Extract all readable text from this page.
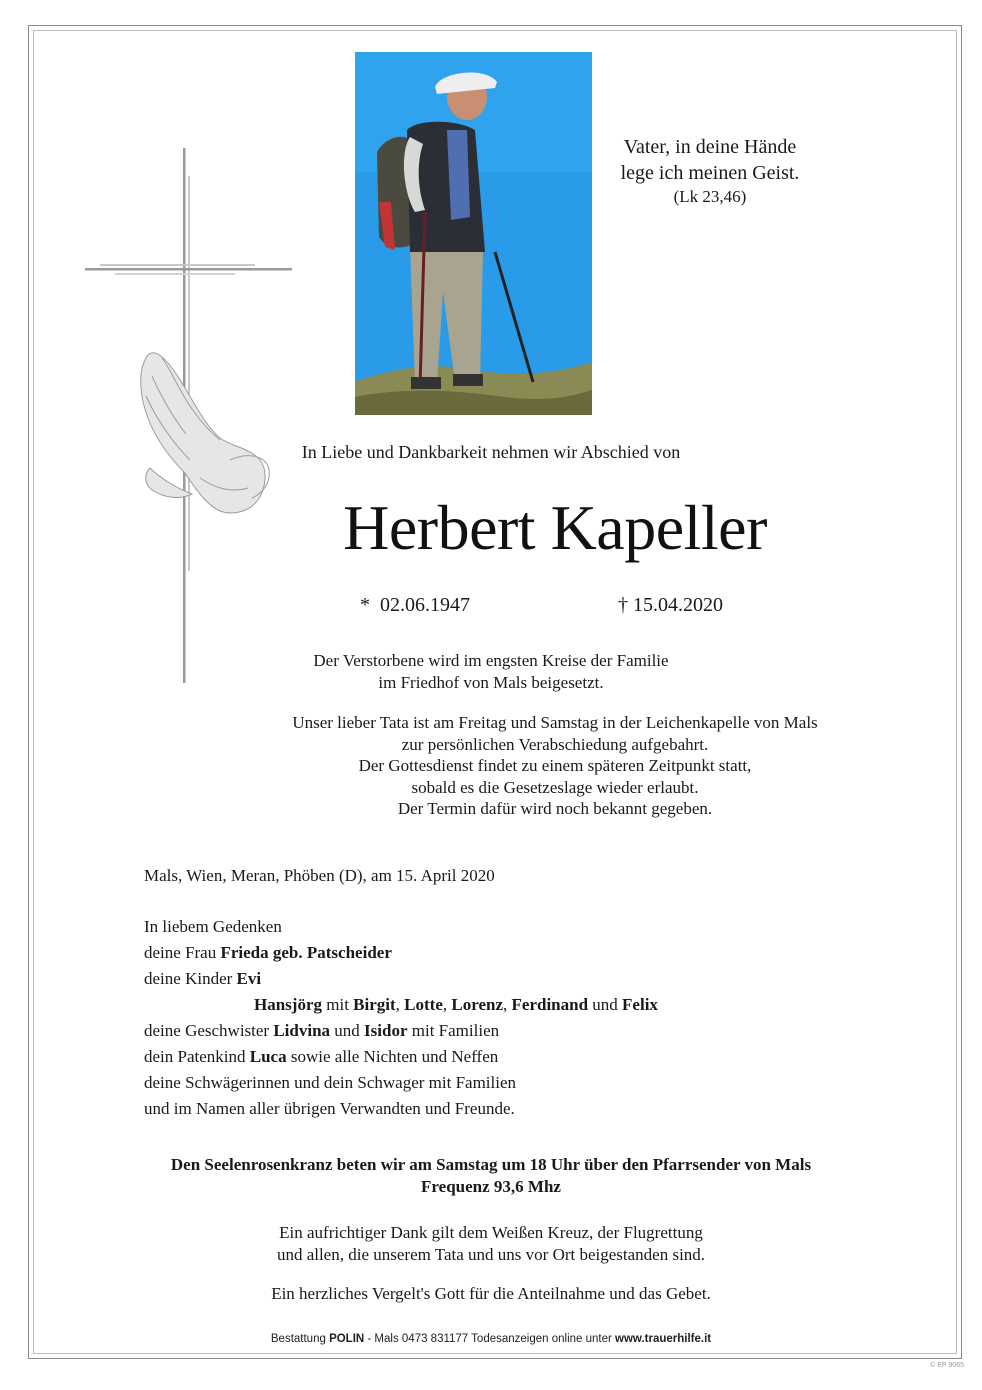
Vater, in deine Hände
lege ich meinen Geist.
(Lk 23,46)
In Liebe und Dankbarkeit nehmen wir Abschied von
Herbert Kapeller
* 02.06.1947	† 15.04.2020
Der Verstorbene wird im engsten Kreise der Familie
im Friedhof von Mals beigesetzt.
Unser lieber Tata ist am Freitag und Samstag in der Leichenkapelle von Mals
zur persönlichen Verabschiedung aufgebahrt.
Der Gottesdienst findet zu einem späteren Zeitpunkt statt,
sobald es die Gesetzeslage wieder erlaubt.
Der Termin dafür wird noch bekannt gegeben.
Mals, Wien, Meran, Phöben (D), am 15. April 2020
In liebem Gedenken
deine Frau Frieda geb. Patscheider
deine Kinder Evi
Hansjörg mit Birgit, Lotte, Lorenz, Ferdinand und Felix
deine Geschwister Lidvina und Isidor mit Familien
dein Patenkind Luca sowie alle Nichten und Neffen
deine Schwägerinnen und dein Schwager mit Familien
und im Namen aller übrigen Verwandten und Freunde.
Den Seelenrosenkranz beten wir am Samstag um 18 Uhr über den Pfarrsender von Mals
Frequenz 93,6 Mhz
Ein aufrichtiger Dank gilt dem Weißen Kreuz, der Flugrettung
und allen, die unserem Tata und uns vor Ort beigestanden sind.
Ein herzliches Vergelt's Gott für die Anteilnahme und das Gebet.
Bestattung POLIN - Mals 0473 831177 Todesanzeigen online unter www.trauerhilfe.it
© EP 9065
